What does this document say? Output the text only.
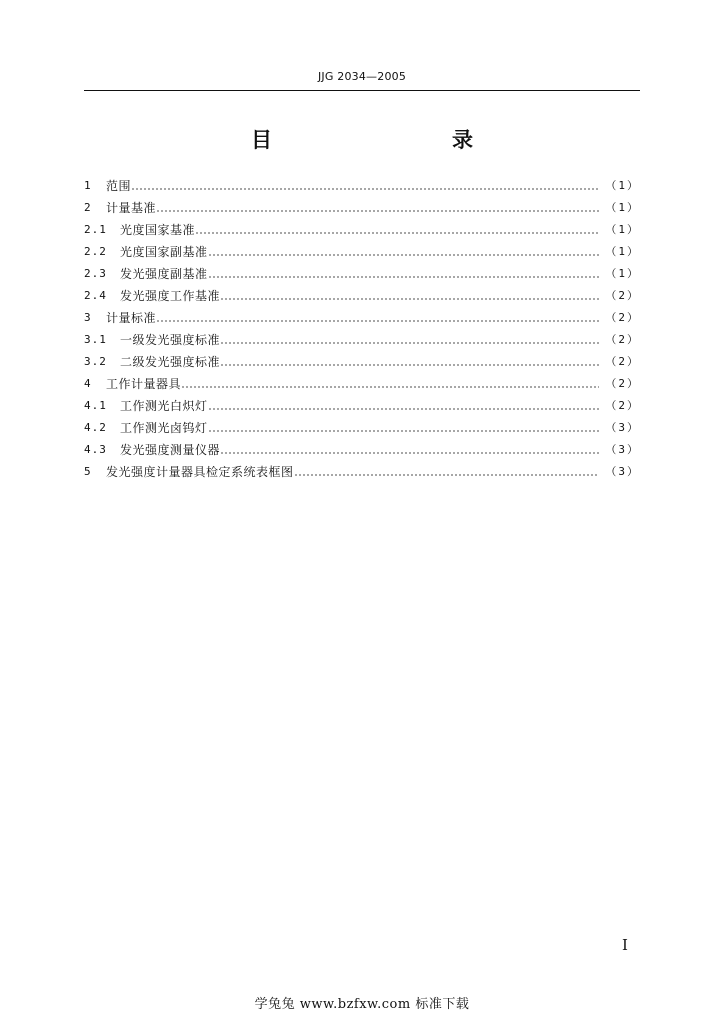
JJG 2034—2005
目　　录
1	范围	（1）
2	计量基准	（1）
2.1	光度国家基准	（1）
2.2	光度国家副基准	（1）
2.3	发光强度副基准	（1）
2.4	发光强度工作基准	（2）
3	计量标准	（2）
3.1	一级发光强度标准	（2）
3.2	二级发光强度标准	（2）
4	工作计量器具	（2）
4.1	工作测光白炽灯	（2）
4.2	工作测光卤钨灯	（3）
4.3	发光强度测量仪器	（3）
5	发光强度计量器具检定系统表框图	（3）
I
学兔兔 www.bzfxw.com 标准下载
